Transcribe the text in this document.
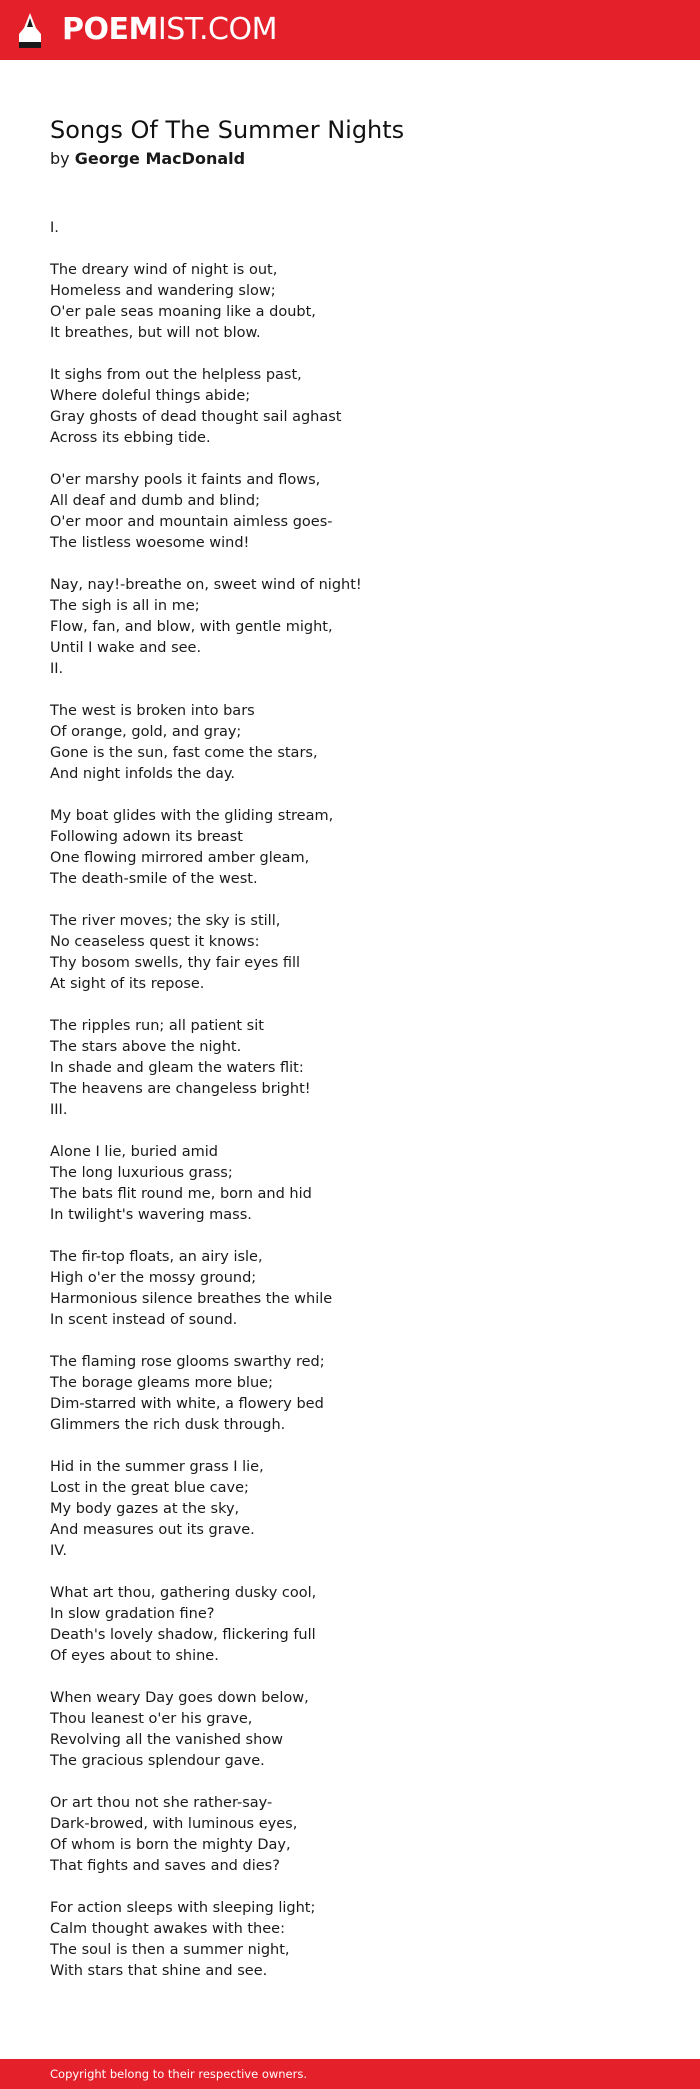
POEMIST.COM
Songs Of The Summer Nights
by George MacDonald
I.
The dreary wind of night is out,
Homeless and wandering slow;
O'er pale seas moaning like a doubt,
It breathes, but will not blow.
It sighs from out the helpless past,
Where doleful things abide;
Gray ghosts of dead thought sail aghast
Across its ebbing tide.
O'er marshy pools it faints and flows,
All deaf and dumb and blind;
O'er moor and mountain aimless goes-
The listless woesome wind!
Nay, nay!-breathe on, sweet wind of night!
The sigh is all in me;
Flow, fan, and blow, with gentle might,
Until I wake and see.
II.
The west is broken into bars
Of orange, gold, and gray;
Gone is the sun, fast come the stars,
And night infolds the day.
My boat glides with the gliding stream,
Following adown its breast
One flowing mirrored amber gleam,
The death-smile of the west.
The river moves; the sky is still,
No ceaseless quest it knows:
Thy bosom swells, thy fair eyes fill
At sight of its repose.
The ripples run; all patient sit
The stars above the night.
In shade and gleam the waters flit:
The heavens are changeless bright!
III.
Alone I lie, buried amid
The long luxurious grass;
The bats flit round me, born and hid
In twilight's wavering mass.
The fir-top floats, an airy isle,
High o'er the mossy ground;
Harmonious silence breathes the while
In scent instead of sound.
The flaming rose glooms swarthy red;
The borage gleams more blue;
Dim-starred with white, a flowery bed
Glimmers the rich dusk through.
Hid in the summer grass I lie,
Lost in the great blue cave;
My body gazes at the sky,
And measures out its grave.
IV.
What art thou, gathering dusky cool,
In slow gradation fine?
Death's lovely shadow, flickering full
Of eyes about to shine.
When weary Day goes down below,
Thou leanest o'er his grave,
Revolving all the vanished show
The gracious splendour gave.
Or art thou not she rather-say-
Dark-browed, with luminous eyes,
Of whom is born the mighty Day,
That fights and saves and dies?
For action sleeps with sleeping light;
Calm thought awakes with thee:
The soul is then a summer night,
With stars that shine and see.
Copyright belong to their respective owners.
